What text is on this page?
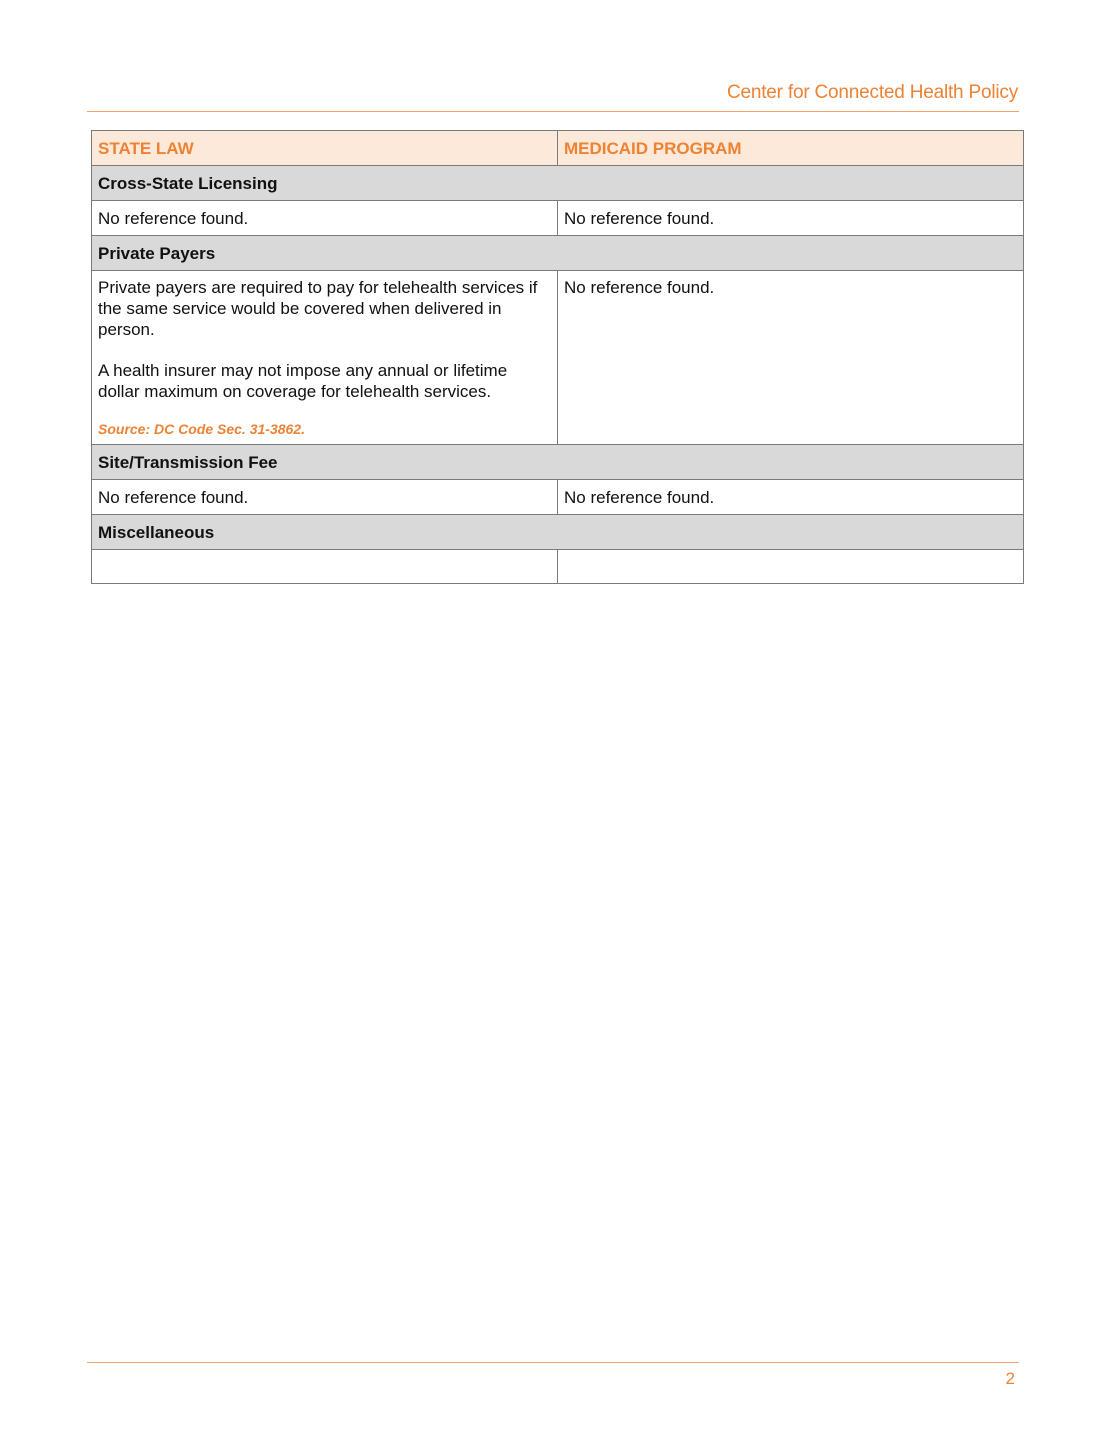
Center for Connected Health Policy
STATE LAW	MEDICAID PROGRAM
Cross-State Licensing	
No reference found.	No reference found.
Private Payers	

Private payers are required to pay for telehealth services if the same service would be covered when delivered in person.

A health insurer may not impose any annual or lifetime dollar maximum on coverage for telehealth services.

Source: DC Code Sec. 31-3862.	No reference found.
Site/Transmission Fee	
No reference found.	No reference found.
Miscellaneous	

2
